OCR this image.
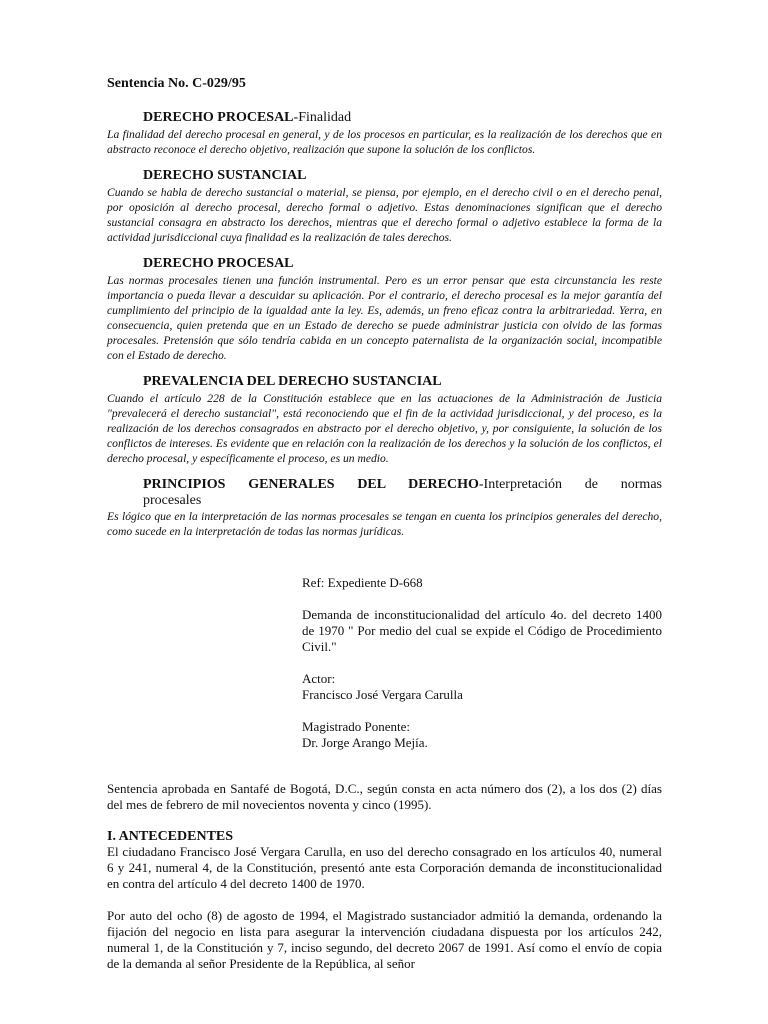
Sentencia No. C-029/95

DERECHO PROCESAL-Finalidad

La finalidad del derecho procesal en general, y de los procesos en particular, es la realización de los derechos que en abstracto reconoce el derecho objetivo, realización que supone la solución de los conflictos.

DERECHO SUSTANCIAL

Cuando se habla de derecho sustancial o material, se piensa, por ejemplo, en el derecho civil o en el derecho penal, por oposición al derecho procesal, derecho formal o adjetivo. Estas denominaciones significan que el derecho sustancial consagra en abstracto los derechos, mientras que el derecho formal o adjetivo establece la forma de la actividad jurisdiccional cuya finalidad es la realización de tales derechos.

DERECHO PROCESAL

Las normas procesales tienen una función instrumental. Pero es un error pensar que esta circunstancia les reste importancia o pueda llevar a descuidar su aplicación. Por el contrario, el derecho procesal es la mejor garantía del cumplimiento del principio de la igualdad ante la ley. Es, además, un freno eficaz contra la arbitrariedad. Yerra, en consecuencia, quien pretenda que en un Estado de derecho se puede administrar justicia con olvido de las formas procesales. Pretensión que sólo tendría cabida en un concepto paternalista de la organización social, incompatible con el Estado de derecho.

PREVALENCIA DEL DERECHO SUSTANCIAL

Cuando el artículo 228 de la Constitución establece que en las actuaciones de la Administración de Justicia "prevalecerá el derecho sustancial", está reconociendo que el fin de la actividad jurisdiccional, y del proceso, es la realización de los derechos consagrados en abstracto por el derecho objetivo, y, por consiguiente, la solución de los conflictos de intereses. Es evidente que en relación con la realización de los derechos y la solución de los conflictos, el derecho procesal, y específicamente el proceso, es un medio.

PRINCIPIOS GENERALES DEL DERECHO-Interpretación de normas

procesales

Es lógico que en la interpretación de las normas procesales se tengan en cuenta los principios generales del derecho, como sucede en la interpretación de todas las normas jurídicas.

Ref: Expediente D-668

Demanda de inconstitucionalidad del artículo 4o. del decreto 1400 de 1970 " Por medio del cual se expide el Código de Procedimiento Civil."

Actor:

Francisco José Vergara Carulla

Magistrado Ponente:

Dr. Jorge Arango Mejía.

Sentencia aprobada en Santafé de Bogotá, D.C., según consta en acta número dos (2), a los dos (2) días del mes de febrero de mil novecientos noventa y cinco (1995).

I. ANTECEDENTES

El ciudadano Francisco José Vergara Carulla, en uso del derecho consagrado en los artículos 40, numeral 6 y 241, numeral 4, de la Constitución, presentó ante esta Corporación demanda de inconstitucionalidad en contra del artículo 4 del decreto 1400 de 1970.

Por auto del ocho (8) de agosto de 1994, el Magistrado sustanciador admitió la demanda, ordenando la fijación del negocio en lista para asegurar la intervención ciudadana dispuesta por los artículos 242, numeral 1, de la Constitución y 7, inciso segundo, del decreto 2067 de 1991. Así como el envío de copia de la demanda al señor Presidente de la República, al señor
